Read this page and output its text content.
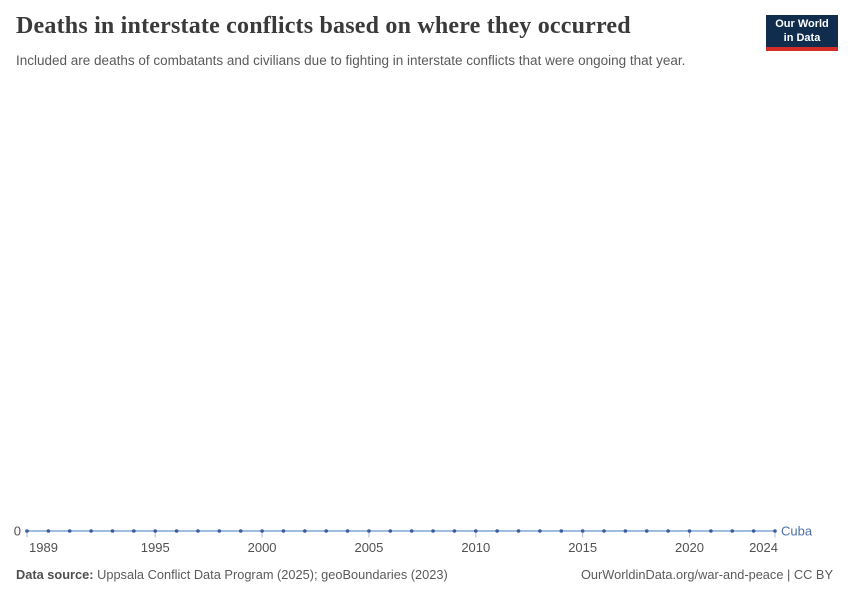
Deaths in interstate conflicts based on where they occurred

Included are deaths of combatants and civilians due to fighting in interstate conflicts that were ongoing that year.

Our World
in Data
1989	1995	2000	2005	2010	2015	2020	2024
0	Cuba
Data source: Uppsala Conflict Data Program (2025); geoBoundaries (2023)	OurWorldinData.org/war-and-peace | CC BY
